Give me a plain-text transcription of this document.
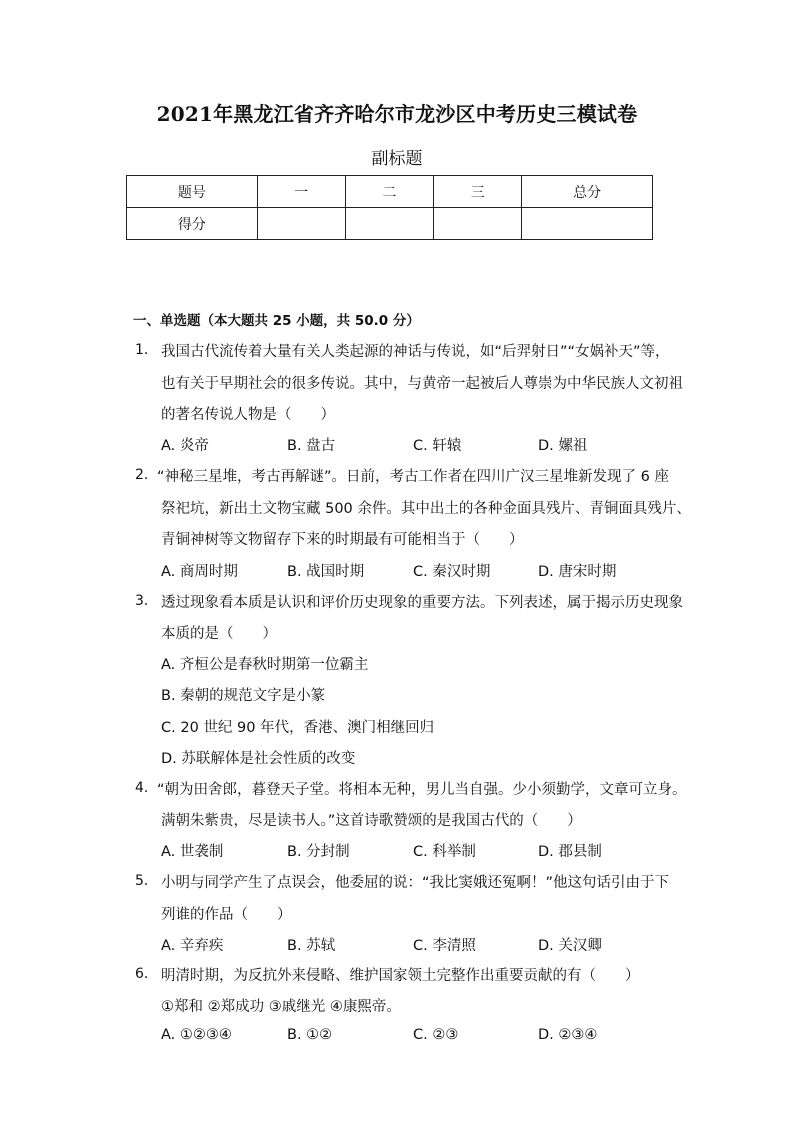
2021年黑龙江省齐齐哈尔市龙沙区中考历史三模试卷
副标题
题号	一	二	三	总分
得分				
一、单选题（本大题共 25 小题，共 50.0 分）
1. 我国古代流传着大量有关人类起源的神话与传说，如“后羿射日”“女娲补天”等，
也有关于早期社会的很多传说。其中，与黄帝一起被后人尊崇为中华民族人文初祖
的著名传说人物是（　　）
A. 炎帝	B. 盘古	C. 轩辕	D. 嫘祖
2. “神秘三星堆，考古再解谜”。日前，考古工作者在四川广汉三星堆新发现了 6 座
祭祀坑，新出土文物宝藏 500 余件。其中出土的各种金面具残片、青铜面具残片、
青铜神树等文物留存下来的时期最有可能相当于（　　）
A. 商周时期	B. 战国时期	C. 秦汉时期	D. 唐宋时期
3. 透过现象看本质是认识和评价历史现象的重要方法。下列表述，属于揭示历史现象
本质的是（　　）
A. 齐桓公是春秋时期第一位霸主
B. 秦朝的规范文字是小篆
C. 20 世纪 90 年代，香港、澳门相继回归
D. 苏联解体是社会性质的改变
4. “朝为田舍郎，暮登天子堂。将相本无种，男儿当自强。少小须勤学，文章可立身。
满朝朱紫贵，尽是读书人。”这首诗歌赞颂的是我国古代的（　　）
A. 世袭制	B. 分封制	C. 科举制	D. 郡县制
5. 小明与同学产生了点误会，他委屈的说：“我比窦娥还冤啊！”他这句话引由于下
列谁的作品（　　）
A. 辛弃疾	B. 苏轼	C. 李清照	D. 关汉卿
6. 明清时期，为反抗外来侵略、维护国家领土完整作出重要贡献的有（　　）
①郑和 ②郑成功 ③戚继光 ④康熙帝。
A. ①②③④	B. ①②	C. ②③	D. ②③④
